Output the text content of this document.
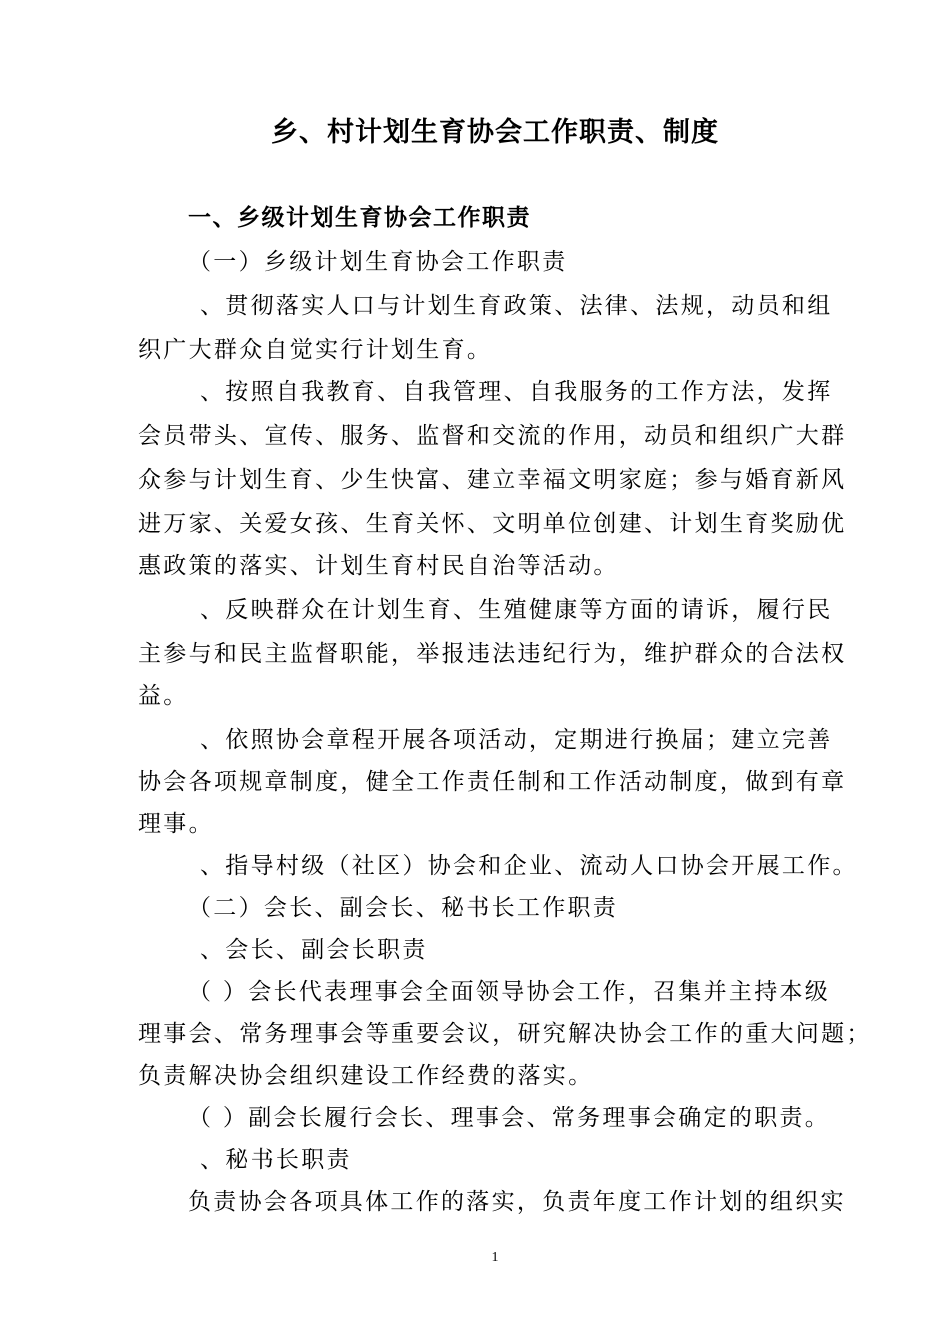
乡、村计划生育协会工作职责、制度
一、乡级计划生育协会工作职责
（一）乡级计划生育协会工作职责
、贯彻落实人口与计划生育政策、法律、法规，动员和组
织广大群众自觉实行计划生育。
、按照自我教育、自我管理、自我服务的工作方法，发挥
会员带头、宣传、服务、监督和交流的作用，动员和组织广大群
众参与计划生育、少生快富、建立幸福文明家庭；参与婚育新风
进万家、关爱女孩、生育关怀、文明单位创建、计划生育奖励优
惠政策的落实、计划生育村民自治等活动。
、反映群众在计划生育、生殖健康等方面的请诉，履行民
主参与和民主监督职能，举报违法违纪行为，维护群众的合法权
益。
、依照协会章程开展各项活动，定期进行换届；建立完善
协会各项规章制度，健全工作责任制和工作活动制度，做到有章
理事。
、指导村级（社区）协会和企业、流动人口协会开展工作。
（二）会长、副会长、秘书长工作职责
、会长、副会长职责
（ ）会长代表理事会全面领导协会工作，召集并主持本级
理事会、常务理事会等重要会议，研究解决协会工作的重大问题；
负责解决协会组织建设工作经费的落实。
（ ）副会长履行会长、理事会、常务理事会确定的职责。
、秘书长职责
负责协会各项具体工作的落实，负责年度工作计划的组织实
1
